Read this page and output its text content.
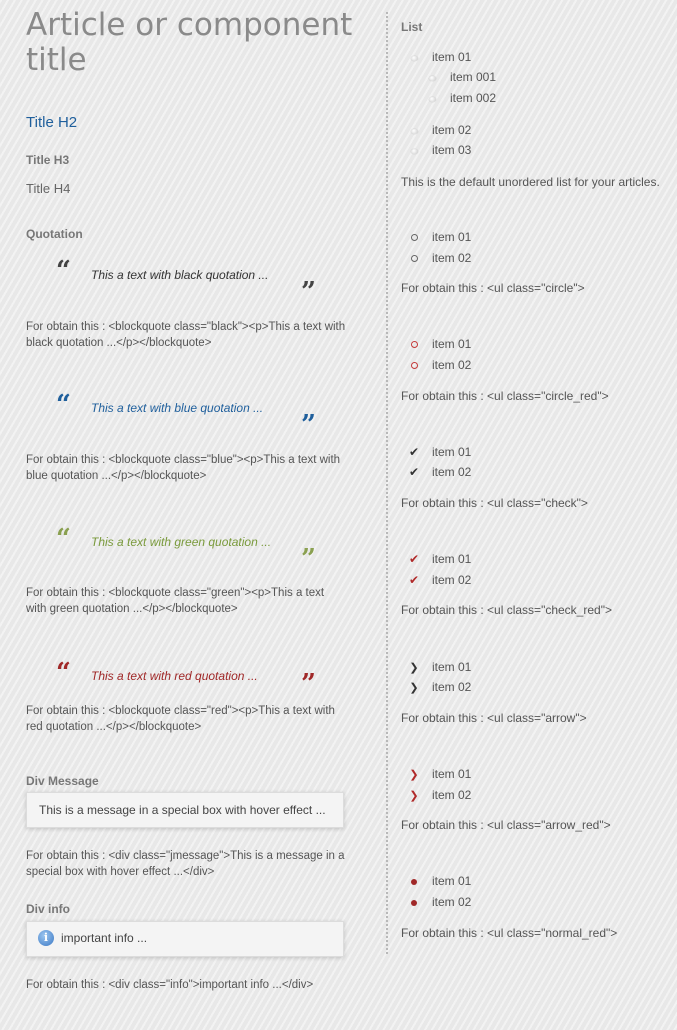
Article or component title
Title H2
Title H3
Title H4
Quotation
“ This a text with black quotation ...
”
For obtain this : <blockquote class="black"><p>This a text with black quotation ...</p></blockquote>
“ This a text with blue quotation ...
”
For obtain this : <blockquote class="blue"><p>This a text with blue quotation ...</p></blockquote>
“ This a text with green quotation ...
”
For obtain this : <blockquote class="green"><p>This a text with green quotation ...</p></blockquote>
“ This a text with red quotation ...	”
For obtain this : <blockquote class="red"><p>This a text with red quotation ...</p></blockquote>
Div Message
This is a message in a special box with hover effect ...
For obtain this : <div class="jmessage">This is a message in a special box with hover effect ...</div>
Div info
i	important info ...
For obtain this : <div class="info">important info ...</div>
List
item 01
item 001
item 002
item 02
item 03
This is the default unordered list for your articles.
item 01
item 02
For obtain this : <ul class="circle">
item 01
item 02
For obtain this : <ul class="circle_red">
✔ item 01
✔ item 02
For obtain this : <ul class="check">
✔ item 01
✔ item 02
For obtain this : <ul class="check_red">
❯ item 01
❯ item 02
For obtain this : <ul class="arrow">
❯ item 01
❯ item 02
For obtain this : <ul class="arrow_red">
item 01
item 02
For obtain this : <ul class="normal_red">
